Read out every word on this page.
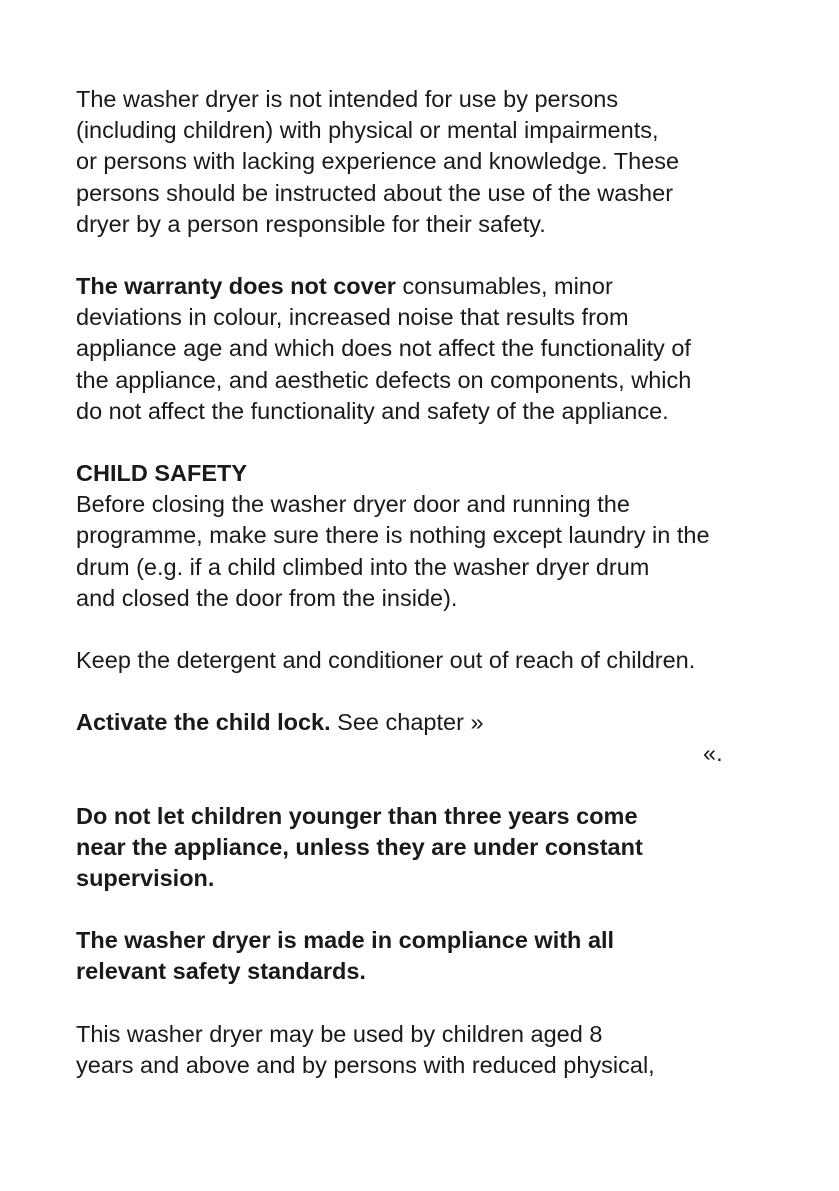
The washer dryer is not intended for use by persons
(including children) with physical or mental impairments,
or persons with lacking experience and knowledge. These
persons should be instructed about the use of the washer
dryer by a person responsible for their safety.
The warranty does not cover consumables, minor
deviations in colour, increased noise that results from
appliance age and which does not affect the functionality of
the appliance, and aesthetic defects on components, which
do not affect the functionality and safety of the appliance.
CHILD SAFETY
Before closing the washer dryer door and running the
programme, make sure there is nothing except laundry in the
drum (e.g. if a child climbed into the washer dryer drum
and closed the door from the inside).
Keep the detergent and conditioner out of reach of children.
Activate the child lock. See chapter »
«.
Do not let children younger than three years come
near the appliance, unless they are under constant
supervision.
The washer dryer is made in compliance with all
relevant safety standards.
This washer dryer may be used by children aged 8
years and above and by persons with reduced physical,
